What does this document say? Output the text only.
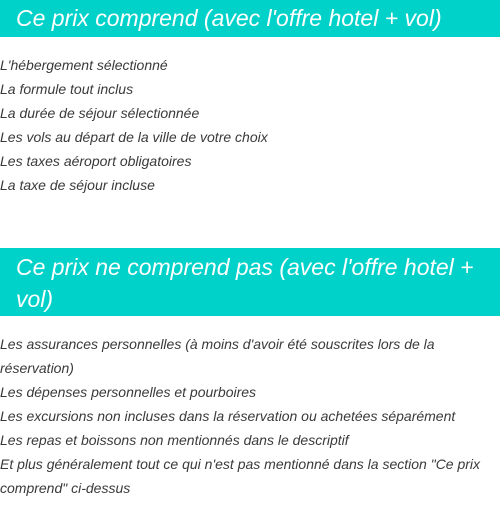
Ce prix comprend (avec l'offre hotel + vol)
L'hébergement sélectionné
La formule tout inclus
La durée de séjour sélectionnée
Les vols au départ de la ville de votre choix
Les taxes aéroport obligatoires
La taxe de séjour incluse
Ce prix ne comprend pas (avec l'offre hotel + vol)
Les assurances personnelles (à moins d'avoir été souscrites lors de la réservation)
Les dépenses personnelles et pourboires
Les excursions non incluses dans la réservation ou achetées séparément
Les repas et boissons non mentionnés dans le descriptif
Et plus généralement tout ce qui n'est pas mentionné dans la section "Ce prix comprend" ci-dessus
